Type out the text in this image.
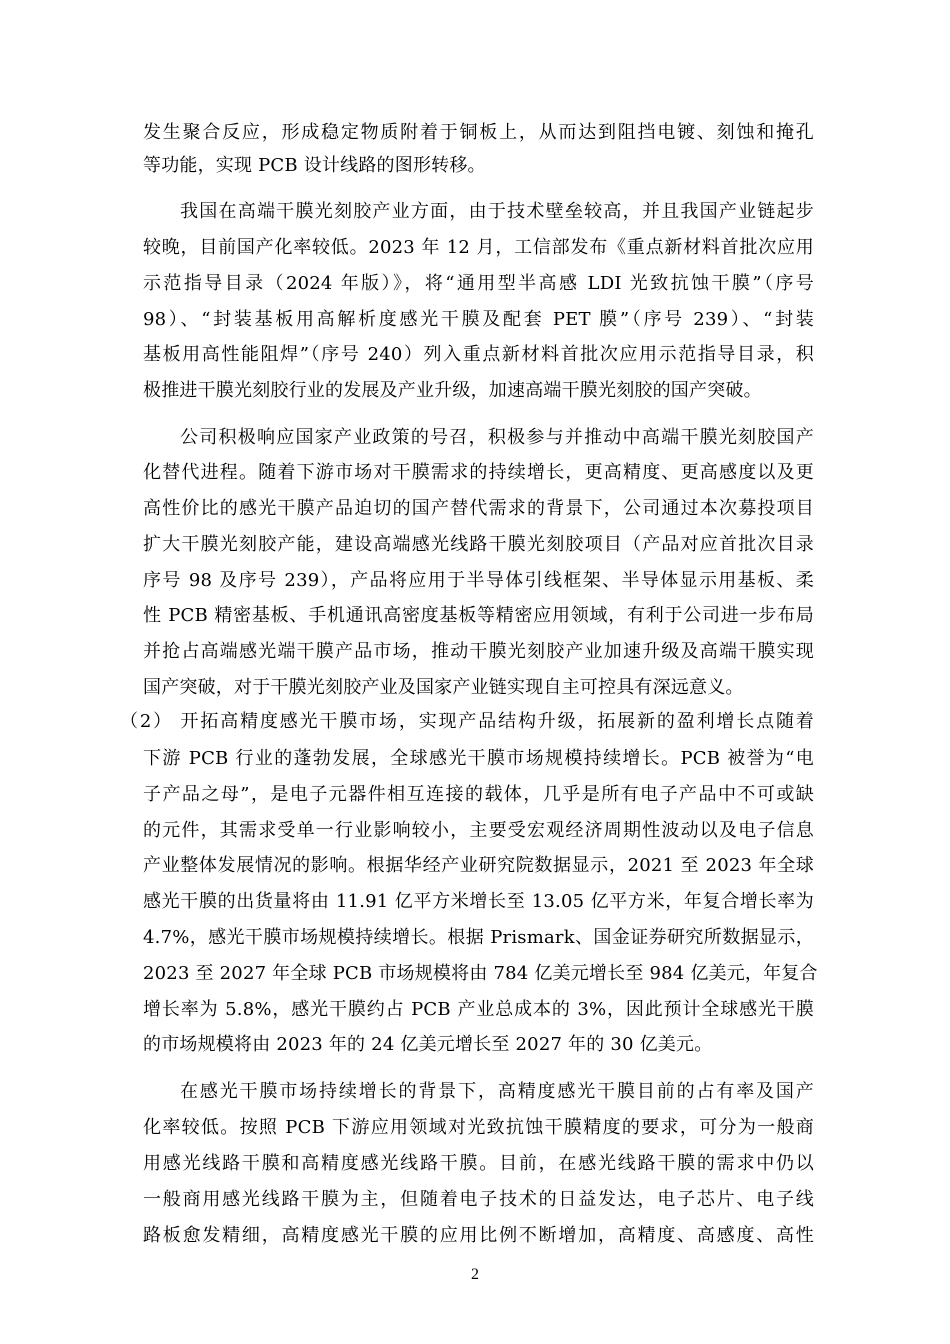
2
发生聚合反应，形成稳定物质附着于铜板上，从而达到阻挡电镀、刻蚀和掩孔
等功能，实现 PCB 设计线路的图形转移。
我国在高端干膜光刻胶产业方面，由于技术壁垒较高，并且我国产业链起步
较晚，目前国产化率较低。2023 年 12 月，工信部发布《重点新材料首批次应用
示范指导目录（2024 年版）》，将“通用型半高感 LDI 光致抗蚀干膜”（序号
98）、“封装基板用高解析度感光干膜及配套 PET 膜”（序号 239）、“封装
基板用高性能阻焊”（序号 240）列入重点新材料首批次应用示范指导目录，积
极推进干膜光刻胶行业的发展及产业升级，加速高端干膜光刻胶的国产突破。
公司积极响应国家产业政策的号召，积极参与并推动中高端干膜光刻胶国产
化替代进程。随着下游市场对干膜需求的持续增长，更高精度、更高感度以及更
高性价比的感光干膜产品迫切的国产替代需求的背景下，公司通过本次募投项目
扩大干膜光刻胶产能，建设高端感光线路干膜光刻胶项目（产品对应首批次目录
序号 98 及序号 239），产品将应用于半导体引线框架、半导体显示用基板、柔
性 PCB 精密基板、手机通讯高密度基板等精密应用领域，有利于公司进一步布局
并抢占高端感光端干膜产品市场，推动干膜光刻胶产业加速升级及高端干膜实现
国产突破，对于干膜光刻胶产业及国家产业链实现自主可控具有深远意义。
（2） 开拓高精度感光干膜市场，实现产品结构升级，拓展新的盈利增长点随着
下游 PCB 行业的蓬勃发展，全球感光干膜市场规模持续增长。PCB 被誉为“电
子产品之母”，是电子元器件相互连接的载体，几乎是所有电子产品中不可或缺
的元件，其需求受单一行业影响较小，主要受宏观经济周期性波动以及电子信息
产业整体发展情况的影响。根据华经产业研究院数据显示，2021 至 2023 年全球
感光干膜的出货量将由 11.91 亿平方米增长至 13.05 亿平方米，年复合增长率为
4.7%，感光干膜市场规模持续增长。根据 Prismark、国金证券研究所数据显示，
2023 至 2027 年全球 PCB 市场规模将由 784 亿美元增长至 984 亿美元，年复合
增长率为 5.8%，感光干膜约占 PCB 产业总成本的 3%，因此预计全球感光干膜
的市场规模将由 2023 年的 24 亿美元增长至 2027 年的 30 亿美元。
在感光干膜市场持续增长的背景下，高精度感光干膜目前的占有率及国产
化率较低。按照 PCB 下游应用领域对光致抗蚀干膜精度的要求，可分为一般商
用感光线路干膜和高精度感光线路干膜。目前，在感光线路干膜的需求中仍以
一般商用感光线路干膜为主，但随着电子技术的日益发达，电子芯片、电子线
路板愈发精细，高精度感光干膜的应用比例不断增加，高精度、高感度、高性
